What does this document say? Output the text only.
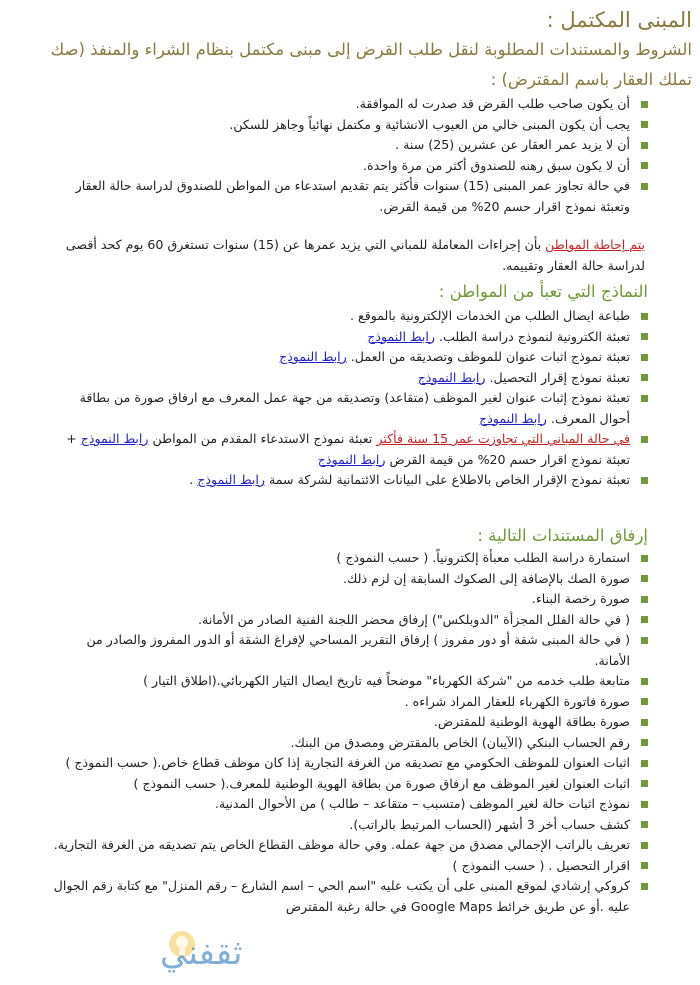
المبنى المكتمل :
الشروط والمستندات المطلوبة لنقل طلب القرض إلى مبنى مكتمل بنظام الشراء والمنفذ (صك
تملك العقار باسم المقترض) :
أن يكون صاحب طلب القرض قد صدرت له الموافقة.
يجب أن يكون المبنى خالي من العيوب الانشائية و مكتمل نهائياً وجاهز للسكن.
أن لا يزيد عمر العقار عن عشرين (25) سنة .
أن لا يكون سبق رهنه للصندوق أكثر من مرة واحدة.
في حالة تجاوز عمر المبنى (15) سنوات فأكثر يتم تقديم استدعاء من المواطن للصندوق لدراسة حالة العقار وتعبئة نموذج اقرار حسم 20% من قيمة القرض.
يتم إحاطة المواطن بأن إجراءات المعاملة للمباني التي يزيد عمرها عن (15) سنوات تستغرق 60 يوم كحد أقصى لدراسة حالة العقار وتقييمه.
النماذج التي تعبأ من المواطن :
طباعة ايصال الطلب من الخدمات الإلكترونية بالموقع .
تعبئة الكترونية لنموذج دراسة الطلب. رابط النموذج
تعبئة نموذج اثبات عنوان للموظف وتصديقه من العمل. رابط النموذج
تعبئة نموذج إقرار التحصيل. رابط النموذج
تعبئة نموذج إثبات عنوان لغير الموظف (متقاعد) وتصديقه من جهة عمل المعرف مع ارفاق صورة من بطاقة أحوال المعرف. رابط النموذج
في حالة المباني التي تجاوزت عمر 15 سنة فأكثر تعبئة نموذج الاستدعاء المقدم من المواطن رابط النموذج + تعبئة نموذج اقرار حسم 20% من قيمة القرض رابط النموذج
تعبئة نموذج الإقرار الخاص بالاطلاع على البيانات الائتمانية لشركة سمة رابط النموذج .
إرفاق المستندات التالية :
استمارة دراسة الطلب معبأة إلكترونياً. ( حسب النموذج )
صورة الصك بالإضافة إلى الصكوك السابقة إن لزم ذلك.
صورة رخصة البناء.
( في حالة الفلل المجزأة "الدوبلكس") إرفاق محضر اللجنة الفنية الصادر من الأمانة.
( في حالة المبنى شقة أو دور مفروز ) إرفاق التقرير المساحي لإفراغ الشقة أو الدور المفروز والصادر من الأمانة.
متابعة طلب خدمه من "شركة الكهرباء" موضحاً فيه تاريخ ايصال التيار الكهربائي.(اطلاق التيار )
صورة فاتورة الكهرباء للعقار المراد شراءه .
صورة بطاقة الهوية الوطنية للمقترض.
رقم الحساب البنكي (الآيبان) الخاص بالمقترض ومصدق من البنك.
اثبات العنوان للموظف الحكومي مع تصديقه من الغرفة التجارية إذا كان موظف قطاع خاص.( حسب النموذج )
اثبات العنوان لغير الموظف مع ارفاق صورة من بطاقة الهوية الوطنية للمعرف.( حسب النموذج )
نموذج اثبات حالة لغير الموظف (متسبب – متقاعد – طالب ) من الأحوال المدنية.
كشف حساب أخر 3 أشهر (الحساب المرتبط بالراتب).
تعريف بالراتب الإجمالي مصدق من جهة عمله. وفي حالة موظف القطاع الخاص يتم تصديقه من الغرفة التجارية.
اقرار التحصيل . ( حسب النموذج )
كروكي إرشادي لموقع المبنى على أن يكتب عليه "اسم الحي – اسم الشارع – رقم المنزل" مع كتابة رقم الجوال عليه .أو عن طريق خرائط Google Maps في حالة رغبة المقترض
ثقفني
